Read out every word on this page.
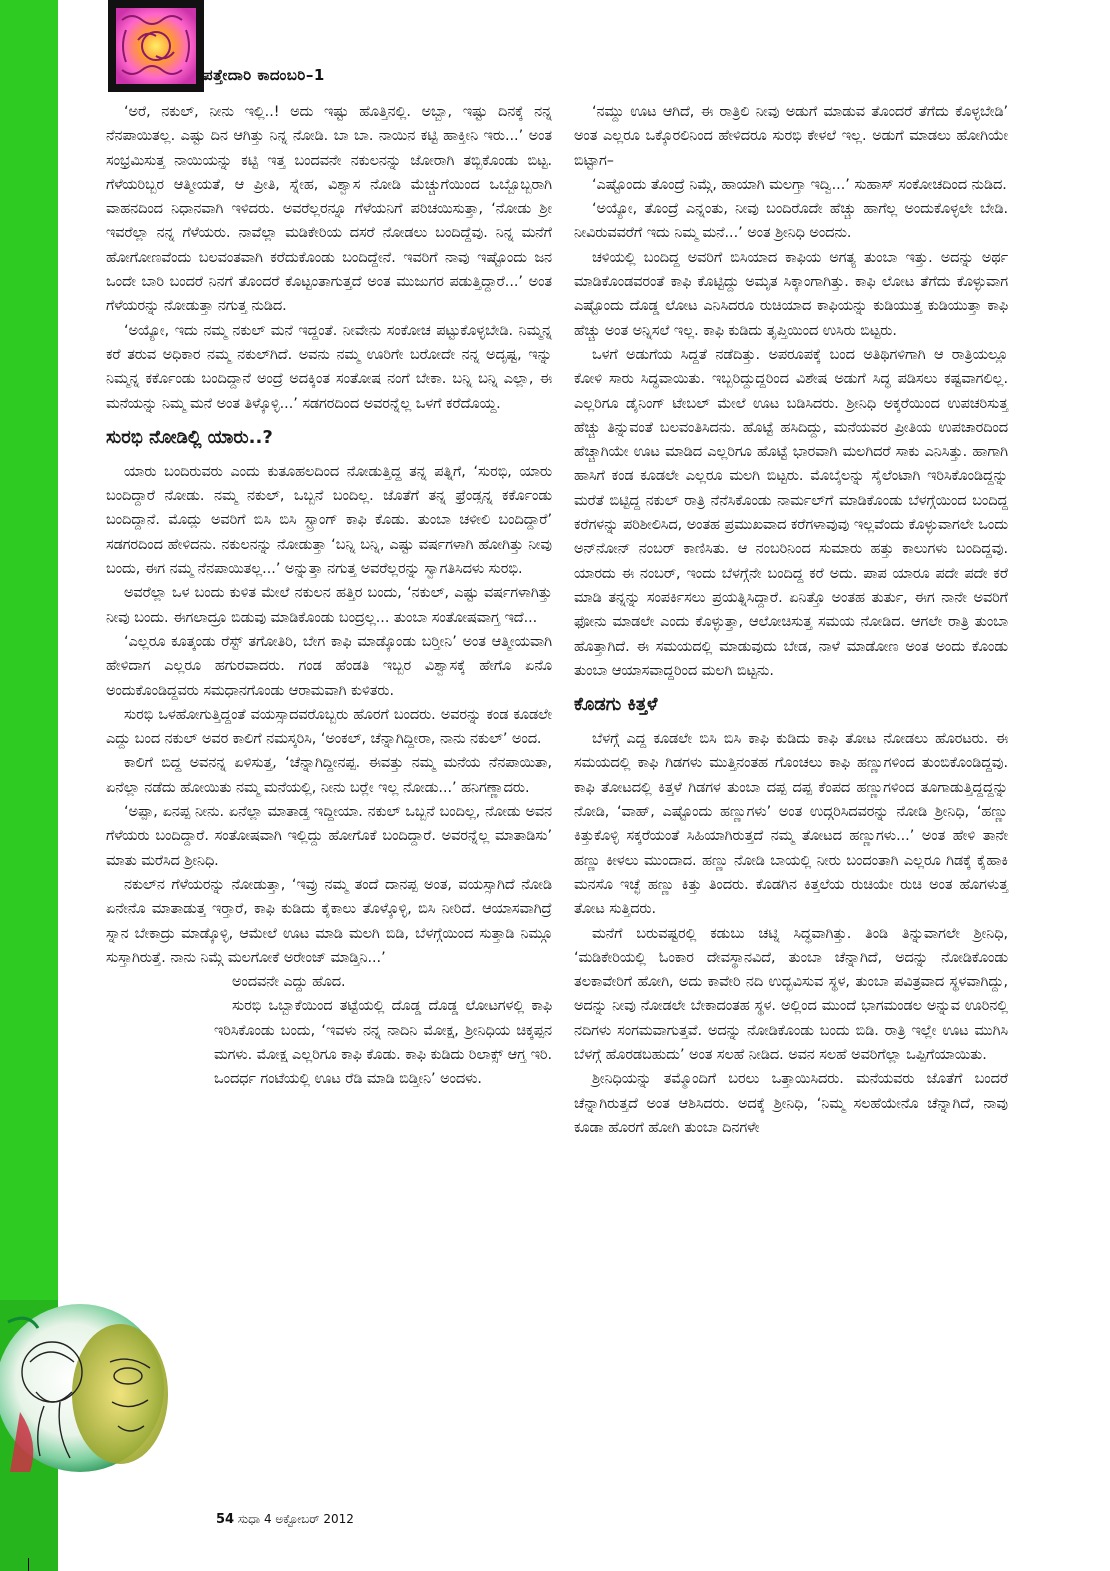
ಪತ್ತೇದಾರಿ ಕಾದಂಬರಿ–1

‘ಅರೆ, ನಕುಲ್, ನೀನು ಇಲ್ಲಿ..! ಅದು ಇಷ್ಟು ಹೊತ್ತಿನಲ್ಲಿ. ಅಬ್ಬಾ, ಇಷ್ಟು ದಿನಕ್ಕೆ ನನ್ನ ನೆನಪಾಯಿತಲ್ಲ. ಎಷ್ಟು ದಿನ ಆಗಿತ್ತು ನಿನ್ನ ನೋಡಿ. ಬಾ ಬಾ. ನಾಯಿನ ಕಟ್ಟಿ ಹಾಕ್ತೀನಿ ಇರು...’ ಅಂತ ಸಂಭ್ರಮಿಸುತ್ತ ನಾಯಿಯನ್ನು ಕಟ್ಟಿ ಇತ್ತ ಬಂದವನೇ ನಕುಲನನ್ನು ಜೋರಾಗಿ ತಬ್ಬಿಕೊಂಡು ಬಿಟ್ಟ. ಗೆಳೆಯರಿಬ್ಬರ ಆತ್ಮೀಯತೆ, ಆ ಪ್ರೀತಿ, ಸ್ನೇಹ, ವಿಶ್ವಾಸ ನೋಡಿ ಮೆಚ್ಚುಗೆಯಿಂದ ಒಬ್ಬೊಬ್ಬರಾಗಿ ವಾಹನದಿಂದ ನಿಧಾನವಾಗಿ ಇಳಿದರು. ಅವರೆಲ್ಲರನ್ನೂ ಗೆಳೆಯನಿಗೆ ಪರಿಚಯಿಸುತ್ತಾ, ‘ನೋಡು ಶ್ರೀ ಇವರೆಲ್ಲಾ ನನ್ನ ಗೆಳೆಯರು. ನಾವೆಲ್ಲಾ ಮಡಿಕೇರಿಯ ದಸರೆ ನೋಡಲು ಬಂದಿದ್ದೆವು. ನಿನ್ನ ಮನೆಗೆ ಹೋಗೋಣವೆಂದು ಬಲವಂತವಾಗಿ ಕರೆದುಕೊಂಡು ಬಂದಿದ್ದೇನೆ. ಇವರಿಗೆ ನಾವು ಇಷ್ಟೊಂದು ಜನ ಒಂದೇ ಬಾರಿ ಬಂದರೆ ನಿನಗೆ ತೊಂದರೆ ಕೊಟ್ಟಂತಾಗುತ್ತದೆ ಅಂತ ಮುಜುಗರ ಪಡುತ್ತಿದ್ದಾರೆ...’ ಅಂತ ಗೆಳೆಯರನ್ನು ನೋಡುತ್ತಾ ನಗುತ್ತ ನುಡಿದ.

‘ಅಯ್ಯೋ, ಇದು ನಮ್ಮ ನಕುಲ್ ಮನೆ ಇದ್ದಂತೆ. ನೀವೇನು ಸಂಕೋಚ ಪಟ್ಟುಕೊಳ್ಳಬೇಡಿ. ನಿಮ್ಮನ್ನ ಕರೆ ತರುವ ಅಧಿಕಾರ ನಮ್ಮ ನಕುಲ್‌ಗಿದೆ. ಅವನು ನಮ್ಮ ಊರಿಗೇ ಬರೋದೇ ನನ್ನ ಅದೃಷ್ಟ, ಇನ್ನು ನಿಮ್ಮನ್ನ ಕರ್ಕೊಂಡು ಬಂದಿದ್ದಾನೆ ಅಂದ್ರೆ ಅದಕ್ಕಿಂತ ಸಂತೋಷ ನಂಗೆ ಬೇಕಾ. ಬನ್ನಿ ಬನ್ನಿ ಎಲ್ಲಾ, ಈ ಮನೆಯನ್ನು ನಿಮ್ಮ ಮನೆ ಅಂತ ತಿಳ್ಕೊಳ್ಳಿ...’ ಸಡಗರದಿಂದ ಅವರನ್ನೆಲ್ಲ ಒಳಗೆ ಕರೆದೊಯ್ದ.

ಸುರಭಿ ನೋಡಿಲ್ಲಿ ಯಾರು..?

ಯಾರು ಬಂದಿರುವರು ಎಂದು ಕುತೂಹಲದಿಂದ ನೋಡುತ್ತಿದ್ದ ತನ್ನ ಪತ್ನಿಗೆ, ‘ಸುರಭಿ, ಯಾರು ಬಂದಿದ್ದಾರೆ ನೋಡು. ನಮ್ಮ ನಕುಲ್, ಒಬ್ಬನೆ ಬಂದಿಲ್ಲ. ಜೊತೆಗೆ ತನ್ನ ಫ್ರೆಂಡ್ಸನ್ನ ಕರ್ಕೊಂಡು ಬಂದಿದ್ದಾನೆ. ಮೊದ್ಲು ಅವರಿಗೆ ಬಿಸಿ ಬಿಸಿ ಸ್ಟ್ರಾಂಗ್ ಕಾಫಿ ಕೊಡು. ತುಂಬಾ ಚಳೀಲಿ ಬಂದಿದ್ದಾರೆ’ ಸಡಗರದಿಂದ ಹೇಳಿದನು. ನಕುಲನನ್ನು ನೋಡುತ್ತಾ ‘ಬನ್ನಿ ಬನ್ನಿ, ಎಷ್ಟು ವರ್ಷಗಳಾಗಿ ಹೋಗಿತ್ತು ನೀವು ಬಂದು, ಈಗ ನಮ್ಮ ನೆನಪಾಯಿತಲ್ಲ...’ ಅನ್ನುತ್ತಾ ನಗುತ್ತ ಅವರೆಲ್ಲರನ್ನು ಸ್ವಾಗತಿಸಿದಳು ಸುರಭಿ.

ಅವರೆಲ್ಲಾ ಒಳ ಬಂದು ಕುಳಿತ ಮೇಲೆ ನಕುಲನ ಹತ್ತಿರ ಬಂದು, ‘ನಕುಲ್, ಎಷ್ಟು ವರ್ಷಗಳಾಗಿತ್ತು ನೀವು ಬಂದು. ಈಗಲಾದ್ರೂ ಬಿಡುವು ಮಾಡಿಕೊಂಡು ಬಂದ್ರಲ್ಲ... ತುಂಬಾ ಸಂತೋಷವಾಗ್ತ ಇದೆ...

‘ಎಲ್ಲರೂ ಕೂತ್ಕಂಡು ರೆಸ್ಟ್ ತಗೋತಿರಿ, ಬೇಗ ಕಾಫಿ ಮಾಡ್ಕೊಂಡು ಬರ್‍ತೀನಿ’ ಅಂತ ಆತ್ಮೀಯವಾಗಿ ಹೇಳಿದಾಗ ಎಲ್ಲರೂ ಹಗುರವಾದರು. ಗಂಡ ಹೆಂಡತಿ ಇಬ್ಬರ ವಿಶ್ವಾಸಕ್ಕೆ ಹೇಗೊ ಏನೊ ಅಂದುಕೊಂಡಿದ್ದವರು ಸಮಧಾನಗೊಂಡು ಆರಾಮವಾಗಿ ಕುಳಿತರು.

ಸುರಭಿ ಒಳಹೋಗುತ್ತಿದ್ದಂತೆ ವಯಸ್ಸಾದವರೊಬ್ಬರು ಹೊರಗೆ ಬಂದರು. ಅವರನ್ನು ಕಂಡ ಕೂಡಲೇ ಎದ್ದು ಬಂದ ನಕುಲ್ ಅವರ ಕಾಲಿಗೆ ನಮಸ್ಕರಿಸಿ, ‘ಅಂಕಲ್, ಚೆನ್ನಾಗಿದ್ದೀರಾ, ನಾನು ನಕುಲ್’ ಅಂದ.

ಕಾಲಿಗೆ ಬಿದ್ದ ಅವನನ್ನ ಏಳಿಸುತ್ತ, ‘ಚೆನ್ನಾಗಿದ್ದೀನಪ್ಪ. ಈವತ್ತು ನಮ್ಮ ಮನೆಯ ನೆನಪಾಯಿತಾ, ಏನೆಲ್ಲಾ ನಡೆದು ಹೋಯಿತು ನಮ್ಮ ಮನೆಯಲ್ಲಿ, ನೀನು ಬರ್‍ಲೇ ಇಲ್ಲ ನೋಡು...’ ಹನಿಗಣ್ಣಾದರು.

‘ಅಪ್ಪಾ, ಏನಪ್ಪ ನೀನು. ಏನೆಲ್ಲಾ ಮಾತಾಡ್ತ ಇದ್ದೀಯಾ. ನಕುಲ್ ಒಬ್ಬನೆ ಬಂದಿಲ್ಲ, ನೋಡು ಅವನ ಗೆಳೆಯರು ಬಂದಿದ್ದಾರೆ. ಸಂತೋಷವಾಗಿ ಇಲ್ಲಿದ್ದು ಹೋಗೊಕೆ ಬಂದಿದ್ದಾರೆ. ಅವರನ್ನೆಲ್ಲ ಮಾತಾಡಿಸು’ ಮಾತು ಮರೆಸಿದ ಶ್ರೀನಿಧಿ.

ನಕುಲ್‌ನ ಗೆಳೆಯರನ್ನು ನೋಡುತ್ತಾ, ‘ಇವ್ರು ನಮ್ಮ ತಂದೆ ದಾನಪ್ಪ ಅಂತ, ವಯಸ್ಸಾಗಿದೆ ನೋಡಿ ಏನೇನೊ ಮಾತಾಡುತ್ತ ಇರ್‍ತಾರೆ, ಕಾಫಿ ಕುಡಿದು ಕೈಕಾಲು ತೊಳ್ಕೊಳ್ಳಿ, ಬಿಸಿ ನೀರಿದೆ. ಆಯಾಸವಾಗಿದ್ರೆ ಸ್ನಾನ ಬೇಕಾದ್ರು ಮಾಡ್ಕೊಳ್ಳಿ, ಆಮೇಲೆ ಊಟ ಮಾಡಿ ಮಲಗಿ ಬಿಡಿ, ಬೆಳಗ್ಗೆಯಿಂದ ಸುತ್ತಾಡಿ ನಿಮ್ಗೂ ಸುಸ್ತಾಗಿರುತ್ತೆ. ನಾನು ನಿಮ್ಗೆ ಮಲಗೋಕೆ ಅರೇಂಜ್ ಮಾಡ್ತಿನಿ...’

ಅಂದವನೇ ಎದ್ದು ಹೊದ.

ಸುರಭಿ ಒಬ್ಬಾಕೆಯಿಂದ ತಟ್ಟೆಯಲ್ಲಿ ದೊಡ್ಡ ದೊಡ್ಡ ಲೋಟಗಳಲ್ಲಿ ಕಾಫಿ ಇರಿಸಿಕೊಂಡು ಬಂದು, ‘ಇವಳು ನನ್ನ ನಾದಿನಿ ಮೋಕ್ಷ, ಶ್ರೀನಿಧಿಯ ಚಿಕ್ಕಪ್ಪನ ಮಗಳು. ಮೋಕ್ಷ ಎಲ್ಲರಿಗೂ ಕಾಫಿ ಕೊಡು. ಕಾಫಿ ಕುಡಿದು ರಿಲಾಕ್ಸ್ ಆಗ್ತ ಇರಿ. ಒಂದರ್ಧ ಗಂಟೆಯಲ್ಲಿ ಊಟ ರೆಡಿ ಮಾಡಿ ಬಿಡ್ತೀನಿ’ ಅಂದಳು.

‘ನಮ್ದು ಊಟ ಆಗಿದೆ, ಈ ರಾತ್ರಿಲಿ ನೀವು ಅಡುಗೆ ಮಾಡುವ ತೊಂದರೆ ತೆಗೆದು ಕೊಳ್ಳಬೇಡಿ’ ಅಂತ ಎಲ್ಲರೂ ಒಕ್ಕೊರಲಿನಿಂದ ಹೇಳಿದರೂ ಸುರಭಿ ಕೇಳಲೆ ಇಲ್ಲ. ಅಡುಗೆ ಮಾಡಲು ಹೋಗಿಯೇ ಬಿಟ್ಟಾಗ–

‘ಎಷ್ಟೊಂದು ತೊಂದ್ರೆ ನಿಮ್ಗೆ, ಹಾಯಾಗಿ ಮಲಗ್ತಾ ಇದ್ವಿ...’ ಸುಹಾಸ್ ಸಂಕೋಚದಿಂದ ನುಡಿದ.

‘ಅಯ್ಯೋ, ತೊಂದ್ರೆ ಎನ್ನಂತು, ನೀವು ಬಂದಿರೊದೇ ಹೆಚ್ಚು ಹಾಗೆಲ್ಲ ಅಂದುಕೊಳ್ಳಲೇ ಬೇಡಿ. ನೀವಿರುವವರೆಗೆ ಇದು ನಿಮ್ಮ ಮನೆ...’ ಅಂತ ಶ್ರೀನಿಧಿ ಅಂದನು.

ಚಳಿಯಲ್ಲಿ ಬಂದಿದ್ದ ಅವರಿಗೆ ಬಿಸಿಯಾದ ಕಾಫಿಯ ಅಗತ್ಯ ತುಂಬಾ ಇತ್ತು. ಅದನ್ನು ಅರ್ಥ ಮಾಡಿಕೊಂಡವರಂತೆ ಕಾಫಿ ಕೊಟ್ಟಿದ್ದು ಅಮೃತ ಸಿಕ್ಕಾಂಗಾಗಿತ್ತು. ಕಾಫಿ ಲೋಟ ತೆಗೆದು ಕೊಳ್ಳುವಾಗ ಎಷ್ಟೊಂದು ದೊಡ್ಡ ಲೋಟ ಎನಿಸಿದರೂ ರುಚಿಯಾದ ಕಾಫಿಯನ್ನು ಕುಡಿಯುತ್ತ ಕುಡಿಯುತ್ತಾ ಕಾಫಿ ಹೆಚ್ಚು ಅಂತ ಅನ್ನಿಸಲೆ ಇಲ್ಲ. ಕಾಫಿ ಕುಡಿದು ತೃಪ್ತಿಯಿಂದ ಉಸಿರು ಬಿಟ್ಟರು.

ಒಳಗೆ ಅಡುಗೆಯ ಸಿದ್ದತೆ ನಡೆದಿತ್ತು. ಅಪರೂಪಕ್ಕೆ ಬಂದ ಅತಿಥಿಗಳಿಗಾಗಿ ಆ ರಾತ್ರಿಯಲ್ಲೂ ಕೋಳಿ ಸಾರು ಸಿದ್ಧವಾಯಿತು. ಇಬ್ಬರಿದ್ದುದ್ದರಿಂದ ವಿಶೇಷ ಅಡುಗೆ ಸಿದ್ಧ ಪಡಿಸಲು ಕಷ್ಟವಾಗಲಿಲ್ಲ. ಎಲ್ಲರಿಗೂ ಡೈನಿಂಗ್ ಟೇಬಲ್ ಮೇಲೆ ಊಟ ಬಡಿಸಿದರು. ಶ್ರೀನಿಧಿ ಅಕ್ಕರೆಯಿಂದ ಉಪಚರಿಸುತ್ತ ಹೆಚ್ಚು ತಿನ್ನುವಂತೆ ಬಲವಂತಿಸಿದನು. ಹೊಟ್ಟೆ ಹಸಿದಿದ್ದು, ಮನೆಯವರ ಪ್ರೀತಿಯ ಉಪಚಾರದಿಂದ ಹೆಚ್ಚಾಗಿಯೇ ಊಟ ಮಾಡಿದ ಎಲ್ಲರಿಗೂ ಹೊಟ್ಟೆ ಭಾರವಾಗಿ ಮಲಗಿದರೆ ಸಾಕು ಎನಿಸಿತ್ತು. ಹಾಗಾಗಿ ಹಾಸಿಗೆ ಕಂಡ ಕೂಡಲೇ ಎಲ್ಲರೂ ಮಲಗಿ ಬಿಟ್ಟರು. ಮೊಬೈಲನ್ನು ಸೈಲೆಂಟಾಗಿ ಇರಿಸಿಕೊಂಡಿದ್ದನ್ನು ಮರೆತೆ ಬಿಟ್ಟಿದ್ದ ನಕುಲ್ ರಾತ್ರಿ ನೆನೆಸಿಕೊಂಡು ನಾರ್ಮಲ್‌ಗೆ ಮಾಡಿಕೊಂಡು ಬೆಳಗ್ಗೆಯಿಂದ ಬಂದಿದ್ದ ಕರೆಗಳನ್ನು ಪರಿಶೀಲಿಸಿದ, ಅಂತಹ ಪ್ರಮುಖವಾದ ಕರೆಗಳಾವುವು ಇಲ್ಲವೆಂದು ಕೊಳ್ಳುವಾಗಲೇ ಒಂದು ಅನ್‌ನೋನ್ ನಂಬರ್ ಕಾಣಿಸಿತು. ಆ ನಂಬರಿನಿಂದ ಸುಮಾರು ಹತ್ತು ಕಾಲುಗಳು ಬಂದಿದ್ದವು. ಯಾರದು ಈ ನಂಬರ್, ಇಂದು ಬೆಳಗ್ಗೆನೇ ಬಂದಿದ್ದ ಕರೆ ಅದು. ಪಾಪ ಯಾರೂ ಪದೇ ಪದೇ ಕರೆ ಮಾಡಿ ತನ್ನನ್ನು ಸಂಪರ್ಕಿಸಲು ಪ್ರಯತ್ನಿಸಿದ್ದಾರೆ. ಏನಿತ್ತೊ ಅಂತಹ ತುರ್ತು, ಈಗ ನಾನೇ ಅವರಿಗೆ ಫೋನು ಮಾಡಲೇ ಎಂದು ಕೊಳ್ಳುತ್ತಾ, ಆಲೋಚಿಸುತ್ತ ಸಮಯ ನೋಡಿದ. ಆಗಲೇ ರಾತ್ರಿ ತುಂಬಾ ಹೊತ್ತಾಗಿದೆ. ಈ ಸಮಯದಲ್ಲಿ ಮಾಡುವುದು ಬೇಡ, ನಾಳೆ ಮಾಡೋಣ ಅಂತ ಅಂದು ಕೊಂಡು ತುಂಬಾ ಆಯಾಸವಾದ್ದರಿಂದ ಮಲಗಿ ಬಿಟ್ಟನು.

ಕೊಡಗು ಕಿತ್ತಳೆ

ಬೆಳಗ್ಗೆ ಎದ್ದ ಕೂಡಲೇ ಬಿಸಿ ಬಿಸಿ ಕಾಫಿ ಕುಡಿದು ಕಾಫಿ ತೋಟ ನೋಡಲು ಹೊರಟರು. ಈ ಸಮಯದಲ್ಲಿ ಕಾಫಿ ಗಿಡಗಳು ಮುತ್ತಿನಂತಹ ಗೊಂಚಲು ಕಾಫಿ ಹಣ್ಣುಗಳಿಂದ ತುಂಬಿಕೊಂಡಿದ್ದವು. ಕಾಫಿ ತೋಟದಲ್ಲಿ ಕಿತ್ತಳೆ ಗಿಡಗಳ ತುಂಬಾ ದಪ್ಪ ದಪ್ಪ ಕೆಂಪದ ಹಣ್ಣುಗಳಿಂದ ತೂಗಾಡುತ್ತಿದ್ದದ್ದನ್ನು ನೋಡಿ, ‘ವಾಹ್, ಎಷ್ಟೊಂದು ಹಣ್ಣುಗಳು’ ಅಂತ ಉದ್ಗರಿಸಿದವರನ್ನು ನೋಡಿ ಶ್ರೀನಿಧಿ, ‘ಹಣ್ಣು ಕಿತ್ತುಕೊಳ್ಳಿ ಸಕ್ಕರೆಯಂತೆ ಸಿಹಿಯಾಗಿರುತ್ತದೆ ನಮ್ಮ ತೋಟದ ಹಣ್ಣುಗಳು...’ ಅಂತ ಹೇಳಿ ತಾನೇ ಹಣ್ಣು ಕೀಳಲು ಮುಂದಾದ. ಹಣ್ಣು ನೋಡಿ ಬಾಯಲ್ಲಿ ನೀರು ಬಂದಂತಾಗಿ ಎಲ್ಲರೂ ಗಿಡಕ್ಕೆ ಕೈಹಾಕಿ ಮನಸೊ ಇಚ್ಛೆ ಹಣ್ಣು ಕಿತ್ತು ತಿಂದರು. ಕೊಡಗಿನ ಕಿತ್ತಲೆಯ ರುಚಿಯೇ ರುಚಿ ಅಂತ ಹೊಗಳುತ್ತ ತೋಟ ಸುತ್ತಿದರು.

ಮನೆಗೆ ಬರುವಷ್ಟರಲ್ಲಿ ಕಡುಬು ಚಟ್ನಿ ಸಿದ್ಧವಾಗಿತ್ತು. ತಿಂಡಿ ತಿನ್ನುವಾಗಲೇ ಶ್ರೀನಿಧಿ, ‘ಮಡಿಕೇರಿಯಲ್ಲಿ ಓಂಕಾರ ದೇವಸ್ಥಾನವಿದೆ, ತುಂಬಾ ಚೆನ್ನಾಗಿದೆ, ಅದನ್ನು ನೋಡಿಕೊಂಡು ತಲಕಾವೇರಿಗೆ ಹೋಗಿ, ಅದು ಕಾವೇರಿ ನದಿ ಉದ್ಭವಿಸುವ ಸ್ಥಳ, ತುಂಬಾ ಪವಿತ್ರವಾದ ಸ್ಥಳವಾಗಿದ್ದು, ಅದನ್ನು ನೀವು ನೋಡಲೇ ಬೇಕಾದಂತಹ ಸ್ಥಳ. ಅಲ್ಲಿಂದ ಮುಂದೆ ಭಾಗಮಂಡಲ ಅನ್ನುವ ಊರಿನಲ್ಲಿ ನದಿಗಳು ಸಂಗಮವಾಗುತ್ತವೆ. ಅದನ್ನು ನೋಡಿಕೊಂಡು ಬಂದು ಬಿಡಿ. ರಾತ್ರಿ ಇಲ್ಲೇ ಊಟ ಮುಗಿಸಿ ಬೆಳಗ್ಗೆ ಹೊರಡಬಹುದು’ ಅಂತ ಸಲಹೆ ನೀಡಿದ. ಅವನ ಸಲಹೆ ಅವರಿಗೆಲ್ಲಾ ಒಪ್ಪಿಗೆಯಾಯಿತು.

ಶ್ರೀನಿಧಿಯನ್ನು ತಮ್ಮೊಂದಿಗೆ ಬರಲು ಒತ್ತಾಯಿಸಿದರು. ಮನೆಯವರು ಜೊತೆಗೆ ಬಂದರೆ ಚೆನ್ನಾಗಿರುತ್ತದೆ ಅಂತ ಆಶಿಸಿದರು. ಅದಕ್ಕೆ ಶ್ರೀನಿಧಿ, ‘ನಿಮ್ಮ ಸಲಹೆಯೇನೊ ಚೆನ್ನಾಗಿದೆ, ನಾವು ಕೂಡಾ ಹೊರಗೆ ಹೋಗಿ ತುಂಬಾ ದಿನಗಳೇ

54 ಸುಧಾ 4 ಅಕ್ಟೋಬರ್ 2012
